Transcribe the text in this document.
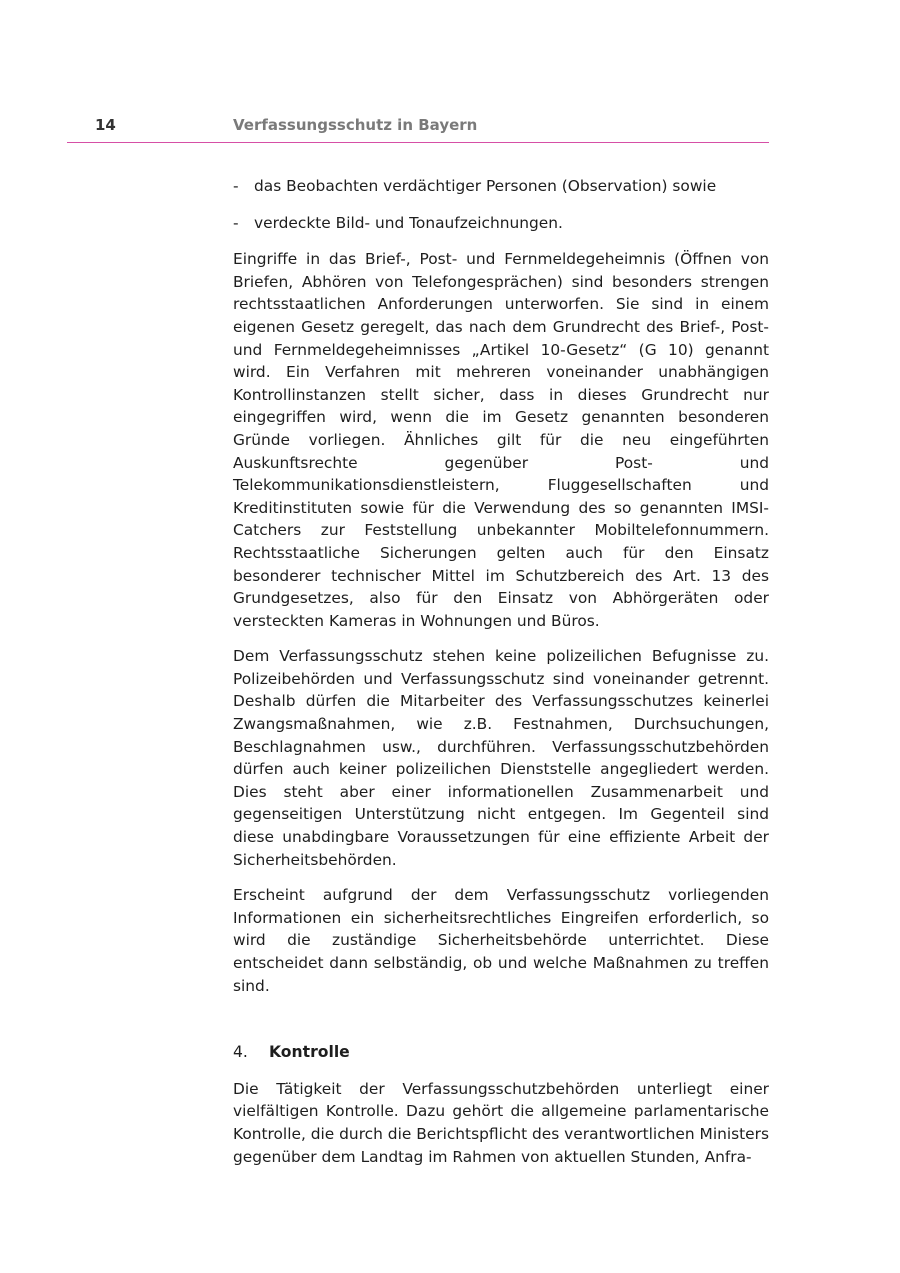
14	Verfassungsschutz in Bayern
-	das Beobachten verdächtiger Personen (Observation) sowie
-	verdeckte Bild- und Tonaufzeichnungen.

Eingriffe in das Brief-, Post- und Fernmeldegeheimnis (Öffnen von Briefen, Abhören von Telefongesprächen) sind besonders strengen rechtsstaatlichen Anforderungen unterworfen. Sie sind in einem eigenen Gesetz geregelt, das nach dem Grundrecht des Brief-, Post- und Fernmeldegeheimnisses „Artikel 10-Gesetz“ (G 10) genannt wird. Ein Verfahren mit mehreren voneinander unabhängigen Kontrollinstanzen stellt sicher, dass in dieses Grundrecht nur eingegriffen wird, wenn die im Gesetz genannten besonderen Gründe vorliegen. Ähnliches gilt für die neu eingeführten Auskunftsrechte gegenüber Post- und Telekommunikationsdienstleistern, Fluggesellschaften und Kreditinstituten sowie für die Verwendung des so genannten IMSI-Catchers zur Feststellung unbekannter Mobiltelefonnummern. Rechtsstaatliche Sicherungen gelten auch für den Einsatz besonderer technischer Mittel im Schutzbereich des Art. 13 des Grundgesetzes, also für den Einsatz von Abhörgeräten oder versteckten Kameras in Wohnungen und Büros.

Dem Verfassungsschutz stehen keine polizeilichen Befugnisse zu. Polizeibehörden und Verfassungsschutz sind voneinander getrennt. Deshalb dürfen die Mitarbeiter des Verfassungsschutzes keinerlei Zwangsmaßnahmen, wie z.B. Festnahmen, Durchsuchungen, Beschlagnahmen usw., durchführen. Verfassungsschutzbehörden dürfen auch keiner polizeilichen Dienststelle angegliedert werden. Dies steht aber einer informationellen Zusammenarbeit und gegenseitigen Unterstützung nicht entgegen. Im Gegenteil sind diese unabdingbare Voraussetzungen für eine effiziente Arbeit der Sicherheitsbehörden.

Erscheint aufgrund der dem Verfassungsschutz vorliegenden Informationen ein sicherheitsrechtliches Eingreifen erforderlich, so wird die zuständige Sicherheitsbehörde unterrichtet. Diese entscheidet dann selbständig, ob und welche Maßnahmen zu treffen sind.

4.	Kontrolle

Die Tätigkeit der Verfassungsschutzbehörden unterliegt einer vielfältigen Kontrolle. Dazu gehört die allgemeine parlamentarische Kontrolle, die durch die Berichtspflicht des verantwortlichen Ministers gegenüber dem Landtag im Rahmen von aktuellen Stunden, Anfra-
